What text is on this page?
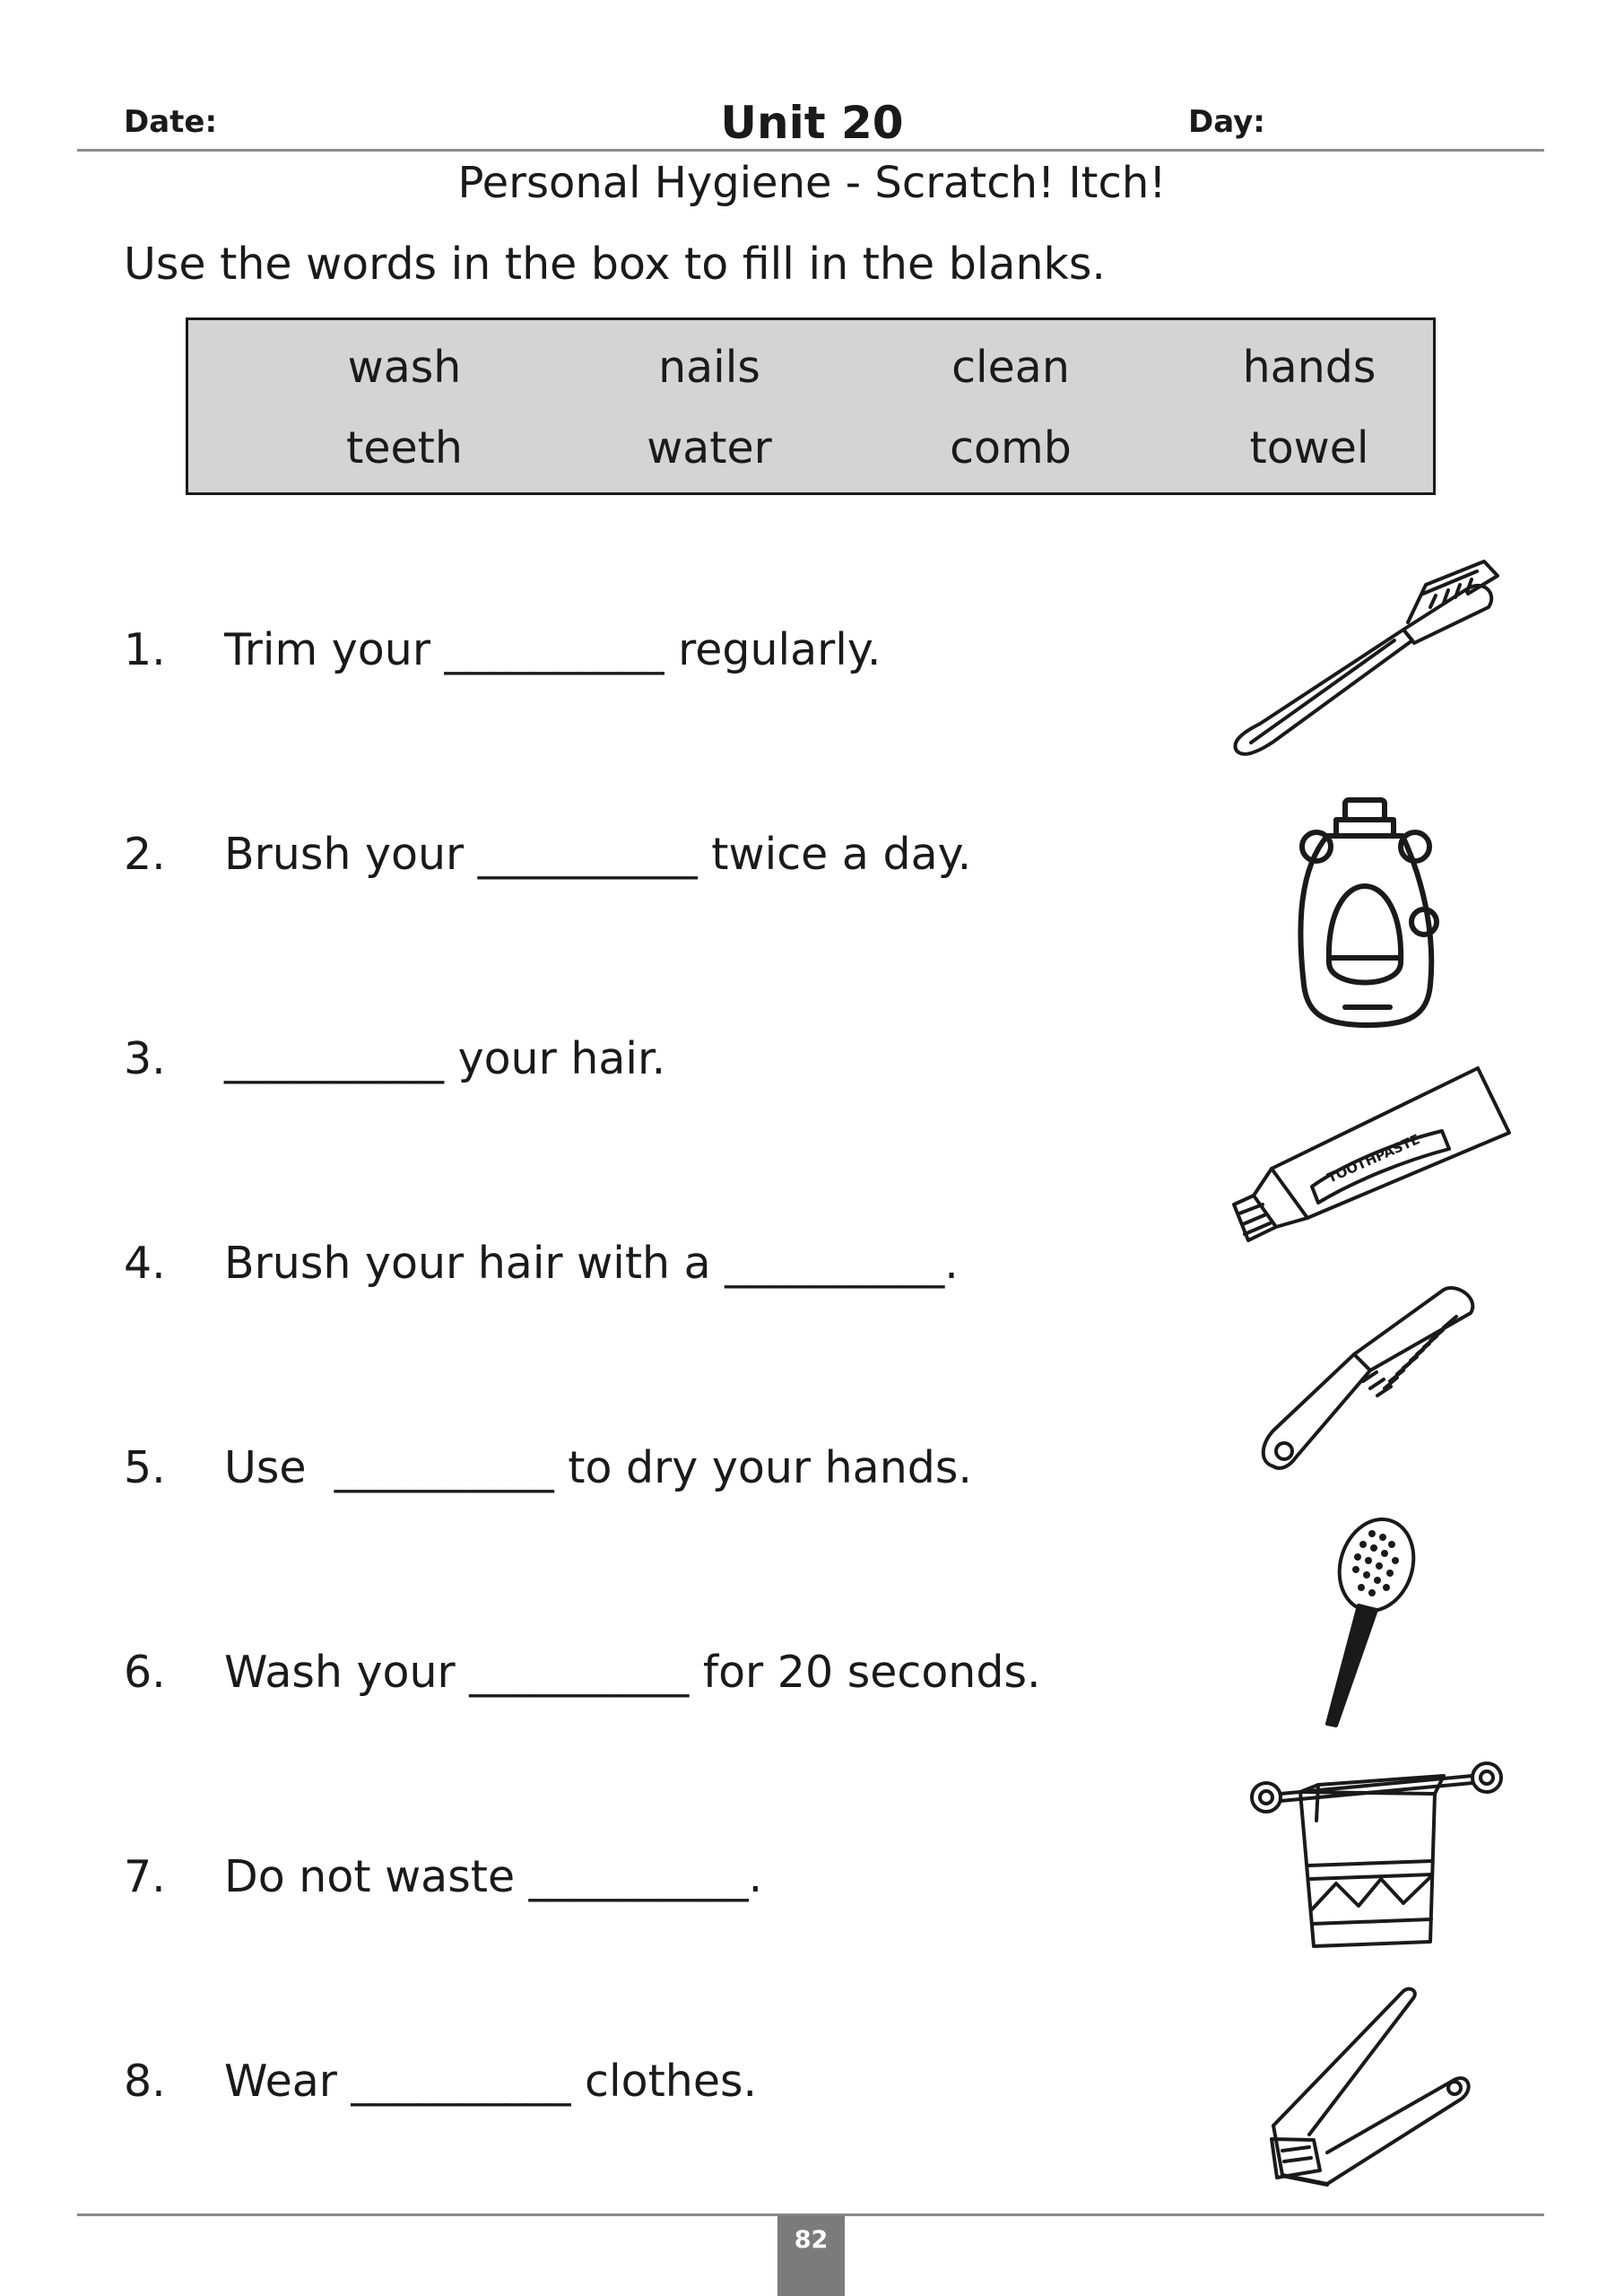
Date:	Unit 20	Day:
Personal Hygiene - Scratch! Itch!
Use the words in the box to fill in the blanks.
wash	nails	clean	hands
teeth	water	comb	towel
1. Trim your __________ regularly.
2. Brush your __________ twice a day.
3. __________ your hair.
4. Brush your hair with a __________.
5. Use  __________ to dry your hands.
6. Wash your __________ for 20 seconds.
7. Do not waste __________.
8. Wear __________ clothes.
TOOTHPASTE
82
